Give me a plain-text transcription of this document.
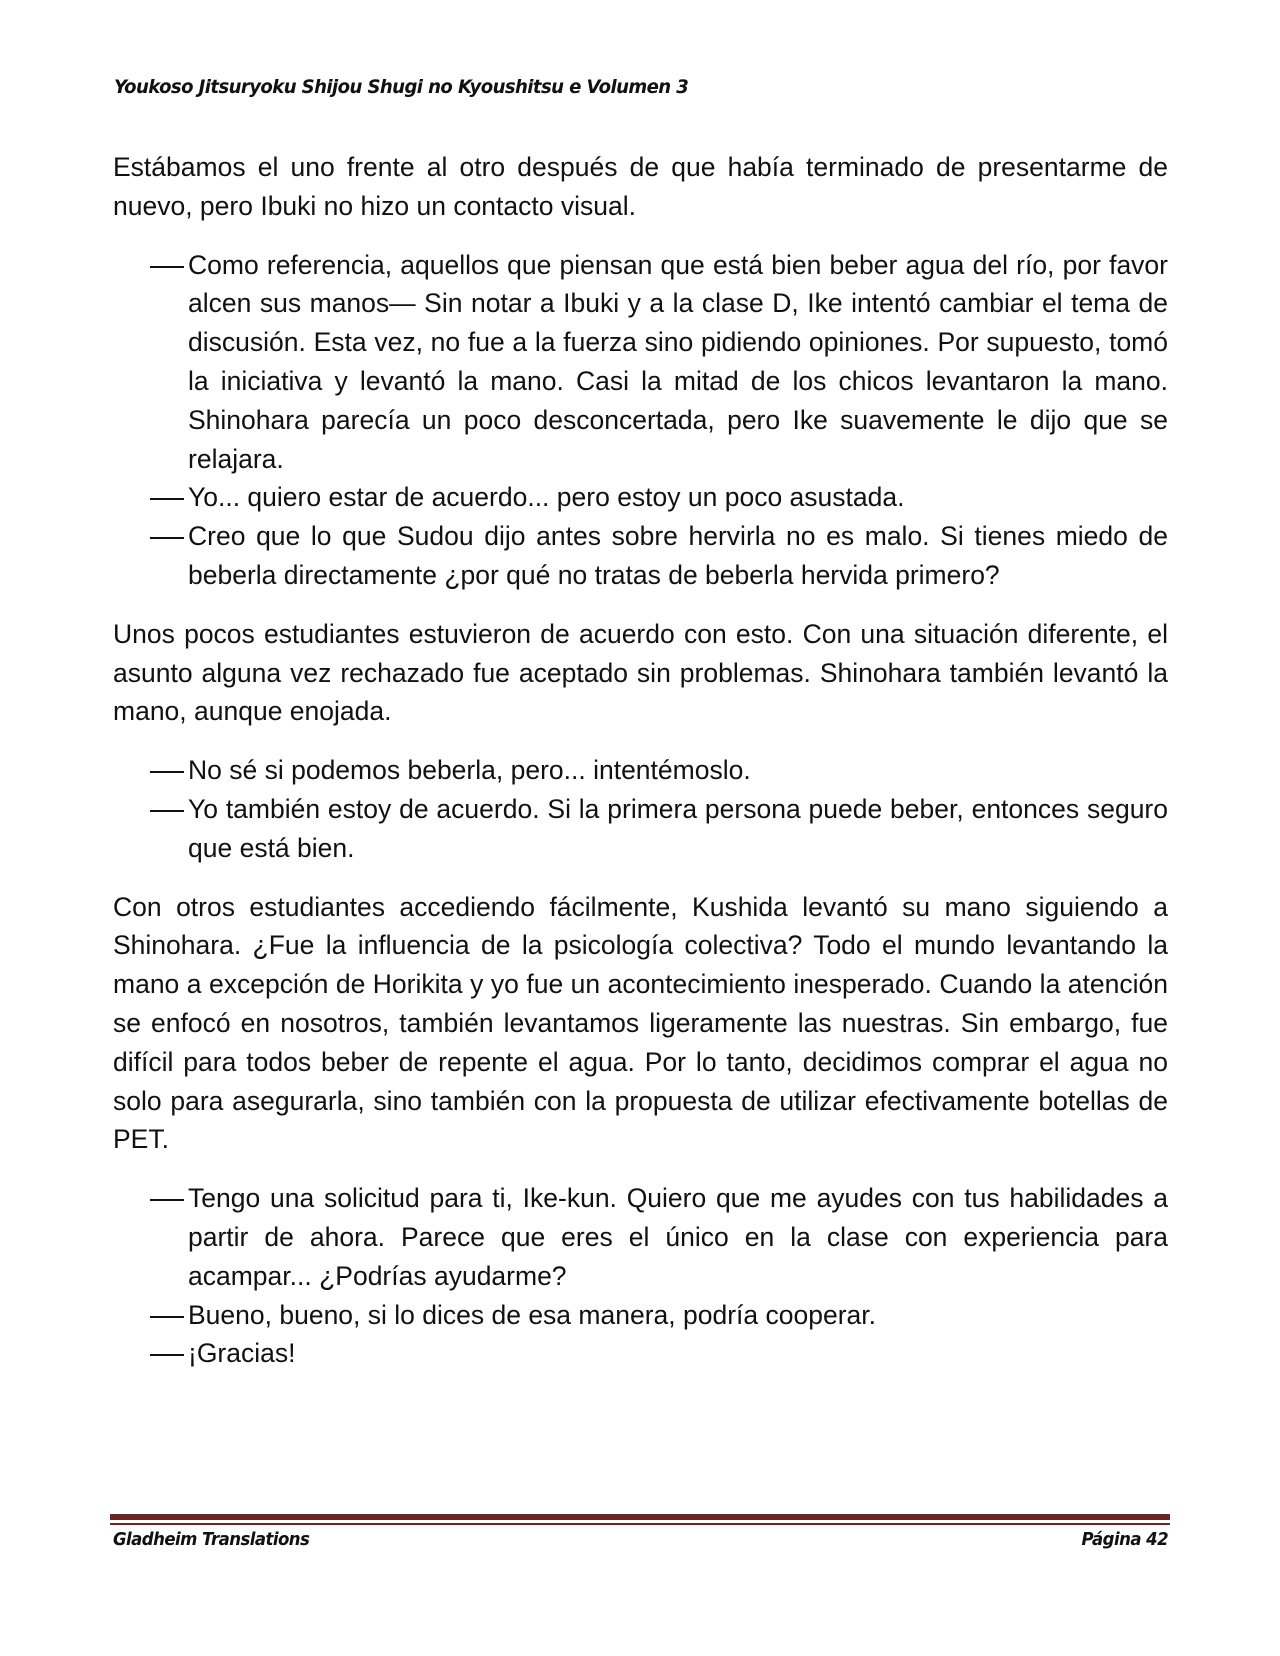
Youkoso Jitsuryoku Shijou Shugi no Kyoushitsu e Volumen 3

Estábamos el uno frente al otro después de que había terminado de presentarme de nuevo, pero Ibuki no hizo un contacto visual.

Como referencia, aquellos que piensan que está bien beber agua del río, por favor alcen sus manos— Sin notar a Ibuki y a la clase D, Ike intentó cambiar el tema de discusión. Esta vez, no fue a la fuerza sino pidiendo opiniones. Por supuesto, tomó la iniciativa y levantó la mano. Casi la mitad de los chicos levantaron la mano. Shinohara parecía un poco desconcertada, pero Ike suavemente le dijo que se relajara.

Yo... quiero estar de acuerdo... pero estoy un poco asustada.

Creo que lo que Sudou dijo antes sobre hervirla no es malo. Si tienes miedo de beberla directamente ¿por qué no tratas de beberla hervida primero?

Unos pocos estudiantes estuvieron de acuerdo con esto. Con una situación diferente, el asunto alguna vez rechazado fue aceptado sin problemas. Shinohara también levantó la mano, aunque enojada.

No sé si podemos beberla, pero... intentémoslo.

Yo también estoy de acuerdo. Si la primera persona puede beber, entonces seguro que está bien.

Con otros estudiantes accediendo fácilmente, Kushida levantó su mano siguiendo a Shinohara. ¿Fue la influencia de la psicología colectiva? Todo el mundo levantando la mano a excepción de Horikita y yo fue un acontecimiento inesperado. Cuando la atención se enfocó en nosotros, también levantamos ligeramente las nuestras. Sin embargo, fue difícil para todos beber de repente el agua. Por lo tanto, decidimos comprar el agua no solo para asegurarla, sino también con la propuesta de utilizar efectivamente botellas de PET.

Tengo una solicitud para ti, Ike-kun. Quiero que me ayudes con tus habilidades a partir de ahora. Parece que eres el único en la clase con experiencia para acampar... ¿Podrías ayudarme?

Bueno, bueno, si lo dices de esa manera, podría cooperar.

¡Gracias!

Gladheim Translations	Página 42
